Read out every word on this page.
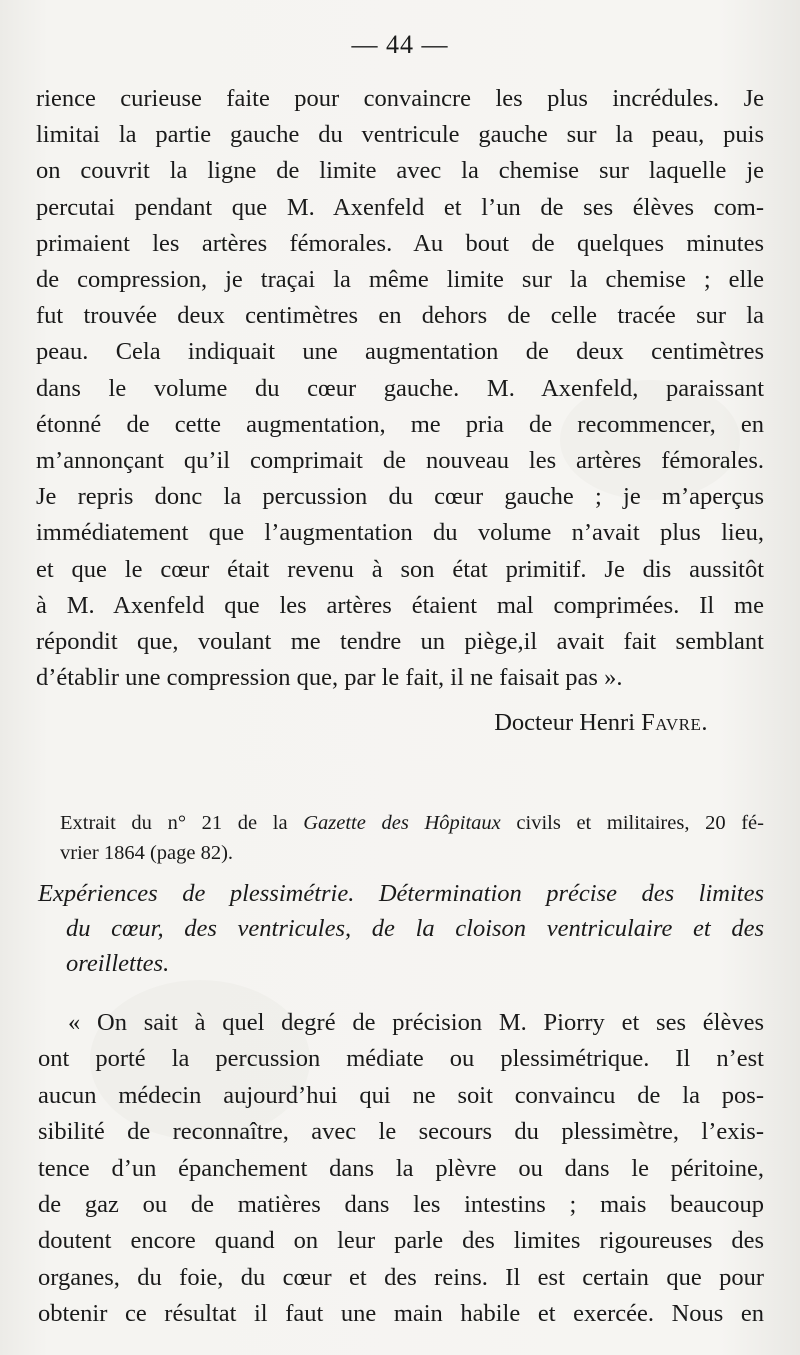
— 44 —
rience curieuse faite pour convaincre les plus incrédules. Je
limitai la partie gauche du ventricule gauche sur la peau, puis
on couvrit la ligne de limite avec la chemise sur laquelle je
percutai pendant que M. Axenfeld et l’un de ses élèves com-
primaient les artères fémorales. Au bout de quelques minutes
de compression, je traçai la même limite sur la chemise ; elle
fut trouvée deux centimètres en dehors de celle tracée sur la
peau. Cela indiquait une augmentation de deux centimètres
dans le volume du cœur gauche. M. Axenfeld, paraissant
étonné de cette augmentation, me pria de recommencer, en
m’annonçant qu’il comprimait de nouveau les artères fémorales.
Je repris donc la percussion du cœur gauche ; je m’aperçus
immédiatement que l’augmentation du volume n’avait plus lieu,
et que le cœur était revenu à son état primitif. Je dis aussitôt
à M. Axenfeld que les artères étaient mal comprimées. Il me
répondit que, voulant me tendre un piège,il avait fait semblant
d’établir une compression que, par le fait, il ne faisait pas ».
Docteur Henri Favre.
Extrait du n° 21 de la Gazette des Hôpitaux civils et militaires, 20 fé-
vrier 1864 (page 82).
Expériences de plessimétrie. Détermination précise des limites
du cœur, des ventricules, de la cloison ventriculaire et des
oreillettes.
« On sait à quel degré de précision M. Piorry et ses élèves
ont porté la percussion médiate ou plessimétrique. Il n’est
aucun médecin aujourd’hui qui ne soit convaincu de la pos-
sibilité de reconnaître, avec le secours du plessimètre, l’exis-
tence d’un épanchement dans la plèvre ou dans le péritoine,
de gaz ou de matières dans les intestins ; mais beaucoup
doutent encore quand on leur parle des limites rigoureuses des
organes, du foie, du cœur et des reins. Il est certain que pour
obtenir ce résultat il faut une main habile et exercée. Nous en
